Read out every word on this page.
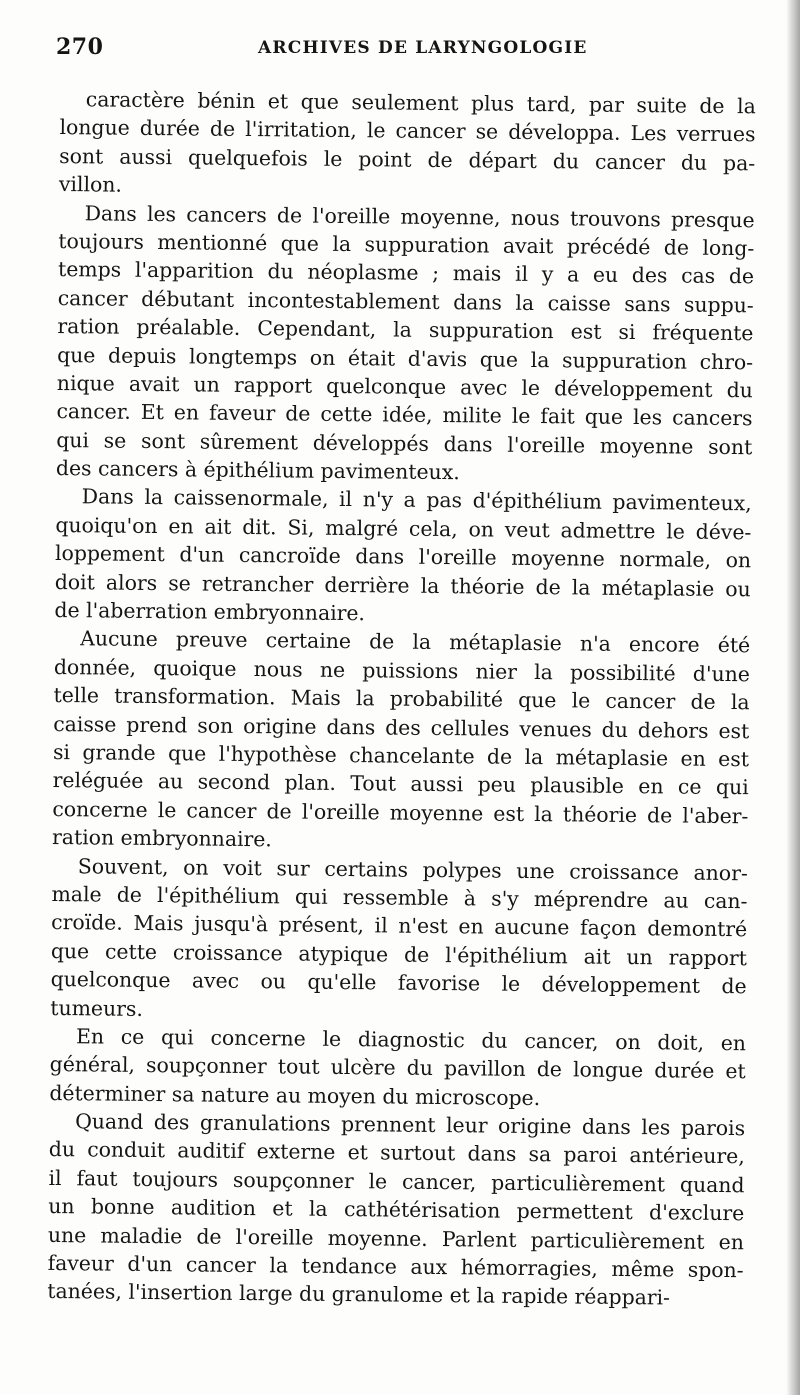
270	ARCHIVES DE LARYNGOLOGIE
caractère bénin et que seulement plus tard, par suite de la
longue durée de l'irritation, le cancer se développa. Les verrues
sont aussi quelquefois le point de départ du cancer du pa-
villon.
Dans les cancers de l'oreille moyenne, nous trouvons presque
toujours mentionné que la suppuration avait précédé de long-
temps l'apparition du néoplasme ; mais il y a eu des cas de
cancer débutant incontestablement dans la caisse sans suppu-
ration préalable. Cependant, la suppuration est si fréquente
que depuis longtemps on était d'avis que la suppuration chro-
nique avait un rapport quelconque avec le développement du
cancer. Et en faveur de cette idée, milite le fait que les cancers
qui se sont sûrement développés dans l'oreille moyenne sont
des cancers à épithélium pavimenteux.
Dans la caissenormale, il n'y a pas d'épithélium pavimenteux,
quoiqu'on en ait dit. Si, malgré cela, on veut admettre le déve-
loppement d'un cancroïde dans l'oreille moyenne normale, on
doit alors se retrancher derrière la théorie de la métaplasie ou
de l'aberration embryonnaire.
Aucune preuve certaine de la métaplasie n'a encore été
donnée, quoique nous ne puissions nier la possibilité d'une
telle transformation. Mais la probabilité que le cancer de la
caisse prend son origine dans des cellules venues du dehors est
si grande que l'hypothèse chancelante de la métaplasie en est
reléguée au second plan. Tout aussi peu plausible en ce qui
concerne le cancer de l'oreille moyenne est la théorie de l'aber-
ration embryonnaire.
Souvent, on voit sur certains polypes une croissance anor-
male de l'épithélium qui ressemble à s'y méprendre au can-
croïde. Mais jusqu'à présent, il n'est en aucune façon demontré
que cette croissance atypique de l'épithélium ait un rapport
quelconque avec ou qu'elle favorise le développement de
tumeurs.
En ce qui concerne le diagnostic du cancer, on doit, en
général, soupçonner tout ulcère du pavillon de longue durée et
déterminer sa nature au moyen du microscope.
Quand des granulations prennent leur origine dans les parois
du conduit auditif externe et surtout dans sa paroi antérieure,
il faut toujours soupçonner le cancer, particulièrement quand
un bonne audition et la cathétérisation permettent d'exclure
une maladie de l'oreille moyenne. Parlent particulièrement en
faveur d'un cancer la tendance aux hémorragies, même spon-
tanées, l'insertion large du granulome et la rapide réappari-
